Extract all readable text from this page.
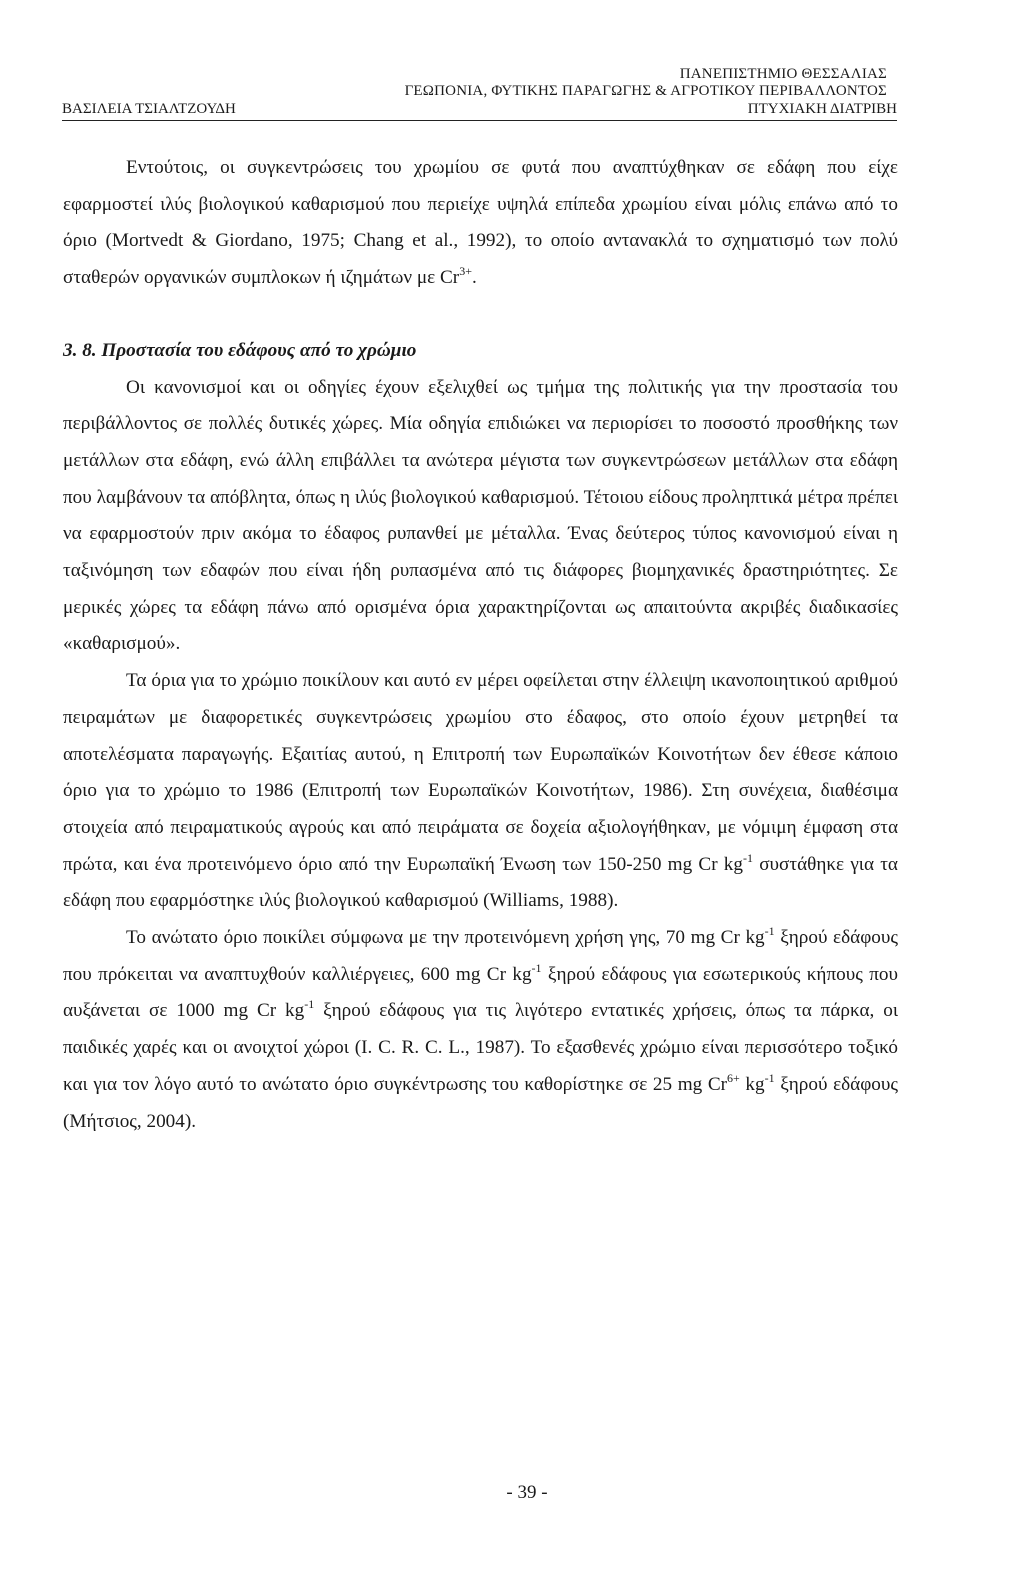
ΠΑΝΕΠΙΣΤΗΜΙΟ ΘΕΣΣΑΛΙΑΣ
ΓΕΩΠΟΝΙΑ, ΦΥΤΙΚΗΣ ΠΑΡΑΓΩΓΗΣ & ΑΓΡΟΤΙΚΟΥ ΠΕΡΙΒΑΛΛΟΝΤΟΣ
ΒΑΣΙΛΕΙΑ ΤΣΙΑΛΤΖΟΥΔΗ	ΠΤΥΧΙΑΚΗ ΔΙΑΤΡΙΒΗ

Εντούτοις, οι συγκεντρώσεις του χρωμίου σε φυτά που αναπτύχθηκαν σε εδάφη που είχε εφαρμοστεί ιλύς βιολογικού καθαρισμού που περιείχε υψηλά επίπεδα χρωμίου είναι μόλις επάνω από το όριο (Mortvedt & Giordano, 1975; Chang et al., 1992), το οποίο αντανακλά το σχηματισμό των πολύ σταθερών οργανικών συμπλοκων ή ιζημάτων με $Cr^{3+}$.

3. 8. Προστασία του εδάφους από το χρώμιο

Οι κανονισμοί και οι οδηγίες έχουν εξελιχθεί ως τμήμα της πολιτικής για την προστασία του περιβάλλοντος σε πολλές δυτικές χώρες. Μία οδηγία επιδιώκει να περιορίσει το ποσοστό προσθήκης των μετάλλων στα εδάφη, ενώ άλλη επιβάλλει τα ανώτερα μέγιστα των συγκεντρώσεων μετάλλων στα εδάφη που λαμβάνουν τα απόβλητα, όπως η ιλύς βιολογικού καθαρισμού. Τέτοιου είδους προληπτικά μέτρα πρέπει να εφαρμοστούν πριν ακόμα το έδαφος ρυπανθεί με μέταλλα. Ένας δεύτερος τύπος κανονισμού είναι η ταξινόμηση των εδαφών που είναι ήδη ρυπασμένα από τις διάφορες βιομηχανικές δραστηριότητες. Σε μερικές χώρες τα εδάφη πάνω από ορισμένα όρια χαρακτηρίζονται ως απαιτούντα ακριβές διαδικασίες «καθαρισμού».

Τα όρια για το χρώμιο ποικίλουν και αυτό εν μέρει οφείλεται στην έλλειψη ικανοποιητικού αριθμού πειραμάτων με διαφορετικές συγκεντρώσεις χρωμίου στο έδαφος, στο οποίο έχουν μετρηθεί τα αποτελέσματα παραγωγής. Εξαιτίας αυτού, η Επιτροπή των Ευρωπαϊκών Κοινοτήτων δεν έθεσε κάποιο όριο για το χρώμιο το 1986 (Επιτροπή των Ευρωπαϊκών Κοινοτήτων, 1986). Στη συνέχεια, διαθέσιμα στοιχεία από πειραματικούς αγρούς και από πειράματα σε δοχεία αξιολογήθηκαν, με νόμιμη έμφαση στα πρώτα, και ένα προτεινόμενο όριο από την Ευρωπαϊκή Ένωση των 150-250 mg Cr $kg^{-1}$ συστάθηκε για τα εδάφη που εφαρμόστηκε ιλύς βιολογικού καθαρισμού (Williams, 1988).

Το ανώτατο όριο ποικίλει σύμφωνα με την προτεινόμενη χρήση γης, 70 mg Cr $kg^{-1}$ ξηρού εδάφους που πρόκειται να αναπτυχθούν καλλιέργειες, 600 mg Cr $kg^{-1}$ ξηρού εδάφους για εσωτερικούς κήπους που αυξάνεται σε 1000 mg Cr $kg^{-1}$ ξηρού εδάφους για τις λιγότερο εντατικές χρήσεις, όπως τα πάρκα, οι παιδικές χαρές και οι ανοιχτοί χώροι (I. C. R. C. L., 1987). Το εξασθενές χρώμιο είναι περισσότερο τοξικό και για τον λόγο αυτό το ανώτατο όριο συγκέντρωσης του καθορίστηκε σε 25 mg $Cr^{6+}$ $kg^{-1}$ ξηρού εδάφους (Μήτσιος, 2004).

- 39 -
